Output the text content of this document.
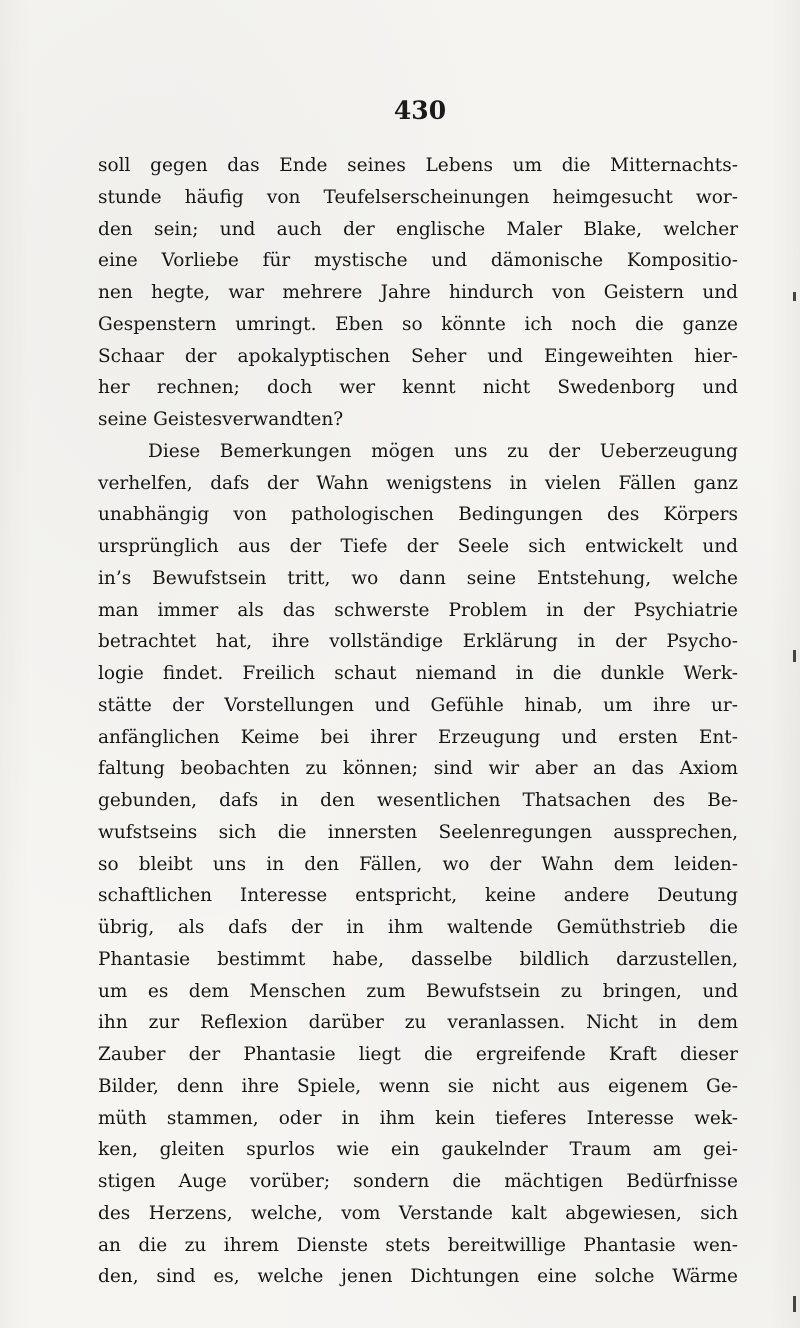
430
soll gegen das Ende seines Lebens um die Mitternachts-
stunde häufig von Teufelserscheinungen heimgesucht wor-
den sein; und auch der englische Maler Blake, welcher
eine Vorliebe für mystische und dämonische Kompositio-
nen hegte, war mehrere Jahre hindurch von Geistern und
Gespenstern umringt. Eben so könnte ich noch die ganze
Schaar der apokalyptischen Seher und Eingeweihten hier-
her rechnen; doch wer kennt nicht Swedenborg und
seine Geistesverwandten?
Diese Bemerkungen mögen uns zu der Ueberzeugung
verhelfen, dafs der Wahn wenigstens in vielen Fällen ganz
unabhängig von pathologischen Bedingungen des Körpers
ursprünglich aus der Tiefe der Seele sich entwickelt und
in’s Bewufstsein tritt, wo dann seine Entstehung, welche
man immer als das schwerste Problem in der Psychiatrie
betrachtet hat, ihre vollständige Erklärung in der Psycho-
logie findet. Freilich schaut niemand in die dunkle Werk-
stätte der Vorstellungen und Gefühle hinab, um ihre ur-
anfänglichen Keime bei ihrer Erzeugung und ersten Ent-
faltung beobachten zu können; sind wir aber an das Axiom
gebunden, dafs in den wesentlichen Thatsachen des Be-
wufstseins sich die innersten Seelenregungen aussprechen,
so bleibt uns in den Fällen, wo der Wahn dem leiden-
schaftlichen Interesse entspricht, keine andere Deutung
übrig, als dafs der in ihm waltende Gemüthstrieb die
Phantasie bestimmt habe, dasselbe bildlich darzustellen,
um es dem Menschen zum Bewufstsein zu bringen, und
ihn zur Reflexion darüber zu veranlassen. Nicht in dem
Zauber der Phantasie liegt die ergreifende Kraft dieser
Bilder, denn ihre Spiele, wenn sie nicht aus eigenem Ge-
müth stammen, oder in ihm kein tieferes Interesse wek-
ken, gleiten spurlos wie ein gaukelnder Traum am gei-
stigen Auge vorüber; sondern die mächtigen Bedürfnisse
des Herzens, welche, vom Verstande kalt abgewiesen, sich
an die zu ihrem Dienste stets bereitwillige Phantasie wen-
den, sind es, welche jenen Dichtungen eine solche Wärme
